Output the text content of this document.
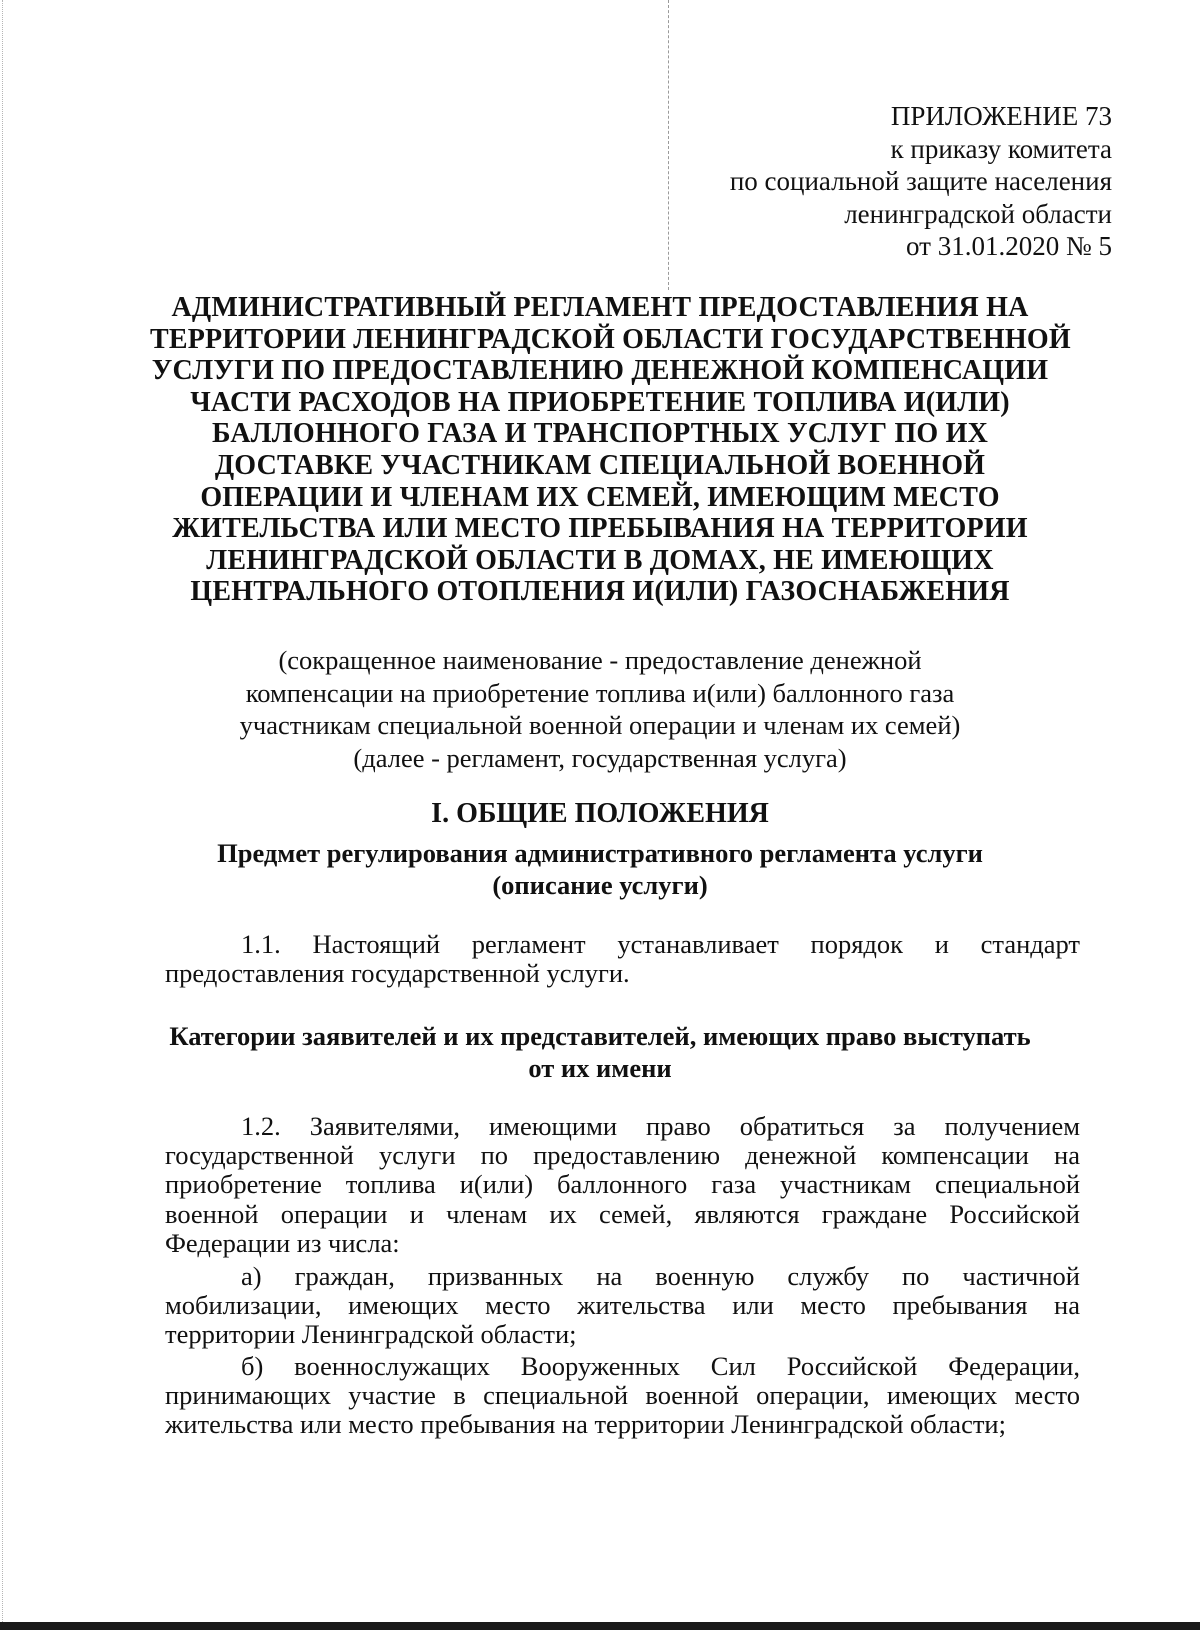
ПРИЛОЖЕНИЕ 73
к приказу комитета
по социальной защите населения
ленинградской области
от 31.01.2020 № 5
АДМИНИСТРАТИВНЫЙ РЕГЛАМЕНТ ПРЕДОСТАВЛЕНИЯ НА
ТЕРРИТОРИИ ЛЕНИНГРАДСКОЙ ОБЛАСТИ ГОСУДАРСТВЕННОЙ
УСЛУГИ ПО ПРЕДОСТАВЛЕНИЮ ДЕНЕЖНОЙ КОМПЕНСАЦИИ
ЧАСТИ РАСХОДОВ НА ПРИОБРЕТЕНИЕ ТОПЛИВА И(ИЛИ)
БАЛЛОННОГО ГАЗА И ТРАНСПОРТНЫХ УСЛУГ ПО ИХ
ДОСТАВКЕ УЧАСТНИКАМ СПЕЦИАЛЬНОЙ ВОЕННОЙ
ОПЕРАЦИИ И ЧЛЕНАМ ИХ СЕМЕЙ, ИМЕЮЩИМ МЕСТО
ЖИТЕЛЬСТВА ИЛИ МЕСТО ПРЕБЫВАНИЯ НА ТЕРРИТОРИИ
ЛЕНИНГРАДСКОЙ ОБЛАСТИ В ДОМАХ, НЕ ИМЕЮЩИХ
ЦЕНТРАЛЬНОГО ОТОПЛЕНИЯ И(ИЛИ) ГАЗОСНАБЖЕНИЯ
(сокращенное наименование - предоставление денежной
компенсации на приобретение топлива и(или) баллонного газа
участникам специальной военной операции и членам их семей)
(далее - регламент, государственная услуга)
I. ОБЩИЕ ПОЛОЖЕНИЯ
Предмет регулирования административного регламента услуги
(описание услуги)
1.1. Настоящий регламент устанавливает порядок и стандарт
предоставления государственной услуги.
Категории заявителей и их представителей, имеющих право выступать
от их имени
1.2. Заявителями, имеющими право обратиться за получением
государственной услуги по предоставлению денежной компенсации на
приобретение топлива и(или) баллонного газа участникам специальной
военной операции и членам их семей, являются граждане Российской
Федерации из числа:
а) граждан, призванных на военную службу по частичной
мобилизации, имеющих место жительства или место пребывания на
территории Ленинградской области;
б) военнослужащих Вооруженных Сил Российской Федерации,
принимающих участие в специальной военной операции, имеющих место
жительства или место пребывания на территории Ленинградской области;
